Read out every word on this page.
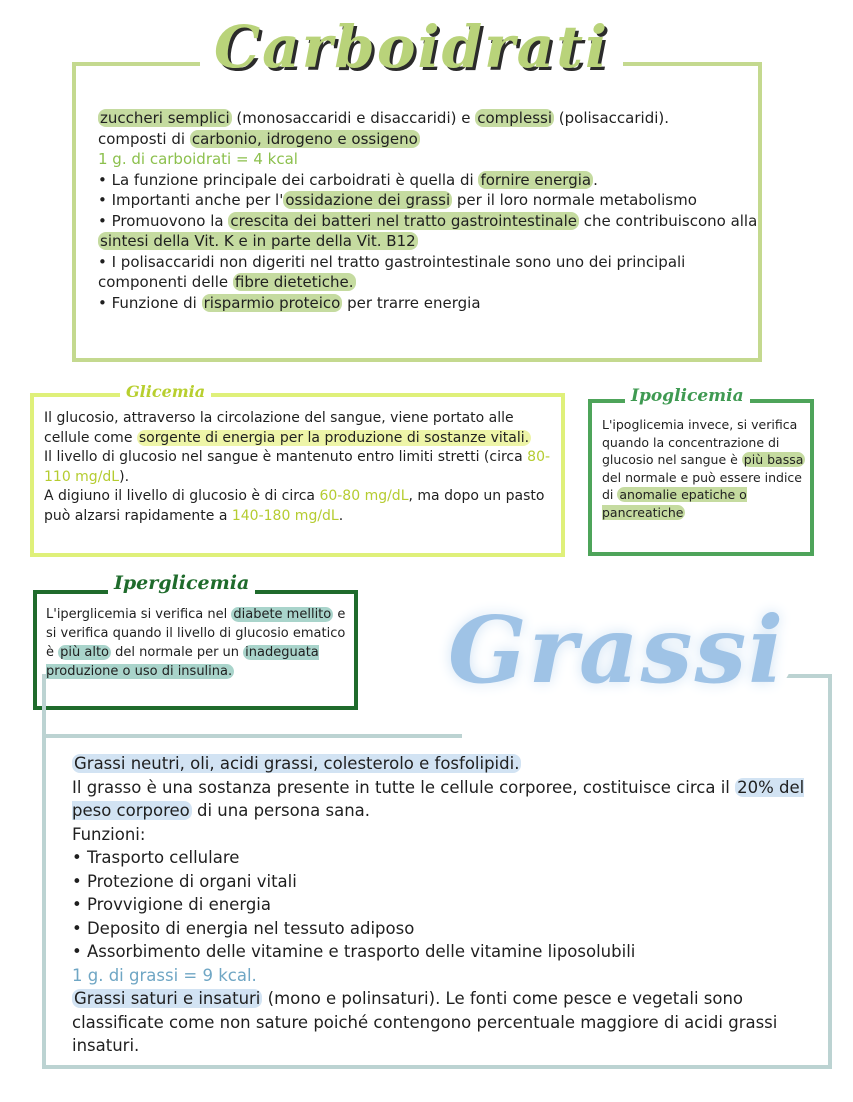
Carboidrati

zuccheri semplici (monosaccaridi e disaccaridi) e complessi (polisaccaridi).

composti di carbonio, idrogeno e ossigeno

1 g. di carboidrati = 4 kcal

• La funzione principale dei carboidrati è quella di fornire energia .

• Importanti anche per l' ossidazione dei grassi per il loro normale metabolismo

• Promuovono la crescita dei batteri nel tratto gastrointestinale che contribuiscono alla sintesi della Vit. K e in parte della Vit. B12

• I polisaccaridi non digeriti nel tratto gastrointestinale sono uno dei principali componenti delle fibre dietetiche.

• Funzione di risparmio proteico per trarre energia

Glicemia

Il glucosio, attraverso la circolazione del sangue, viene portato alle cellule come sorgente di energia per la produzione di sostanze vitali.

Il livello di glucosio nel sangue è mantenuto entro limiti stretti (circa 80-110 mg/dL).

A digiuno il livello di glucosio è di circa 60-80 mg/dL, ma dopo un pasto può alzarsi rapidamente a 140-180 mg/dL.

Ipoglicemia

L'ipoglicemia invece, si verifica quando la concentrazione di glucosio nel sangue è più bassa del normale e può essere indice di anomalie epatiche o pancreatiche

Iperglicemia

L'iperglicemia si verifica nel diabete mellito e si verifica quando il livello di glucosio ematico è più alto del normale per un inadeguata produzione o uso di insulina.	Grassi

Grassi neutri, oli, acidi grassi, colesterolo e fosfolipidi.

Il grasso è una sostanza presente in tutte le cellule corporee, costituisce circa il 20% del peso corporeo di una persona sana.

Funzioni:

• Trasporto cellulare

• Protezione di organi vitali

• Provvigione di energia

• Deposito di energia nel tessuto adiposo

• Assorbimento delle vitamine e trasporto delle vitamine liposolubili

1 g. di grassi = 9 kcal.

Grassi saturi e insaturi (mono e polinsaturi). Le fonti come pesce e vegetali sono classificate come non sature poiché contengono percentuale maggiore di acidi grassi insaturi.
